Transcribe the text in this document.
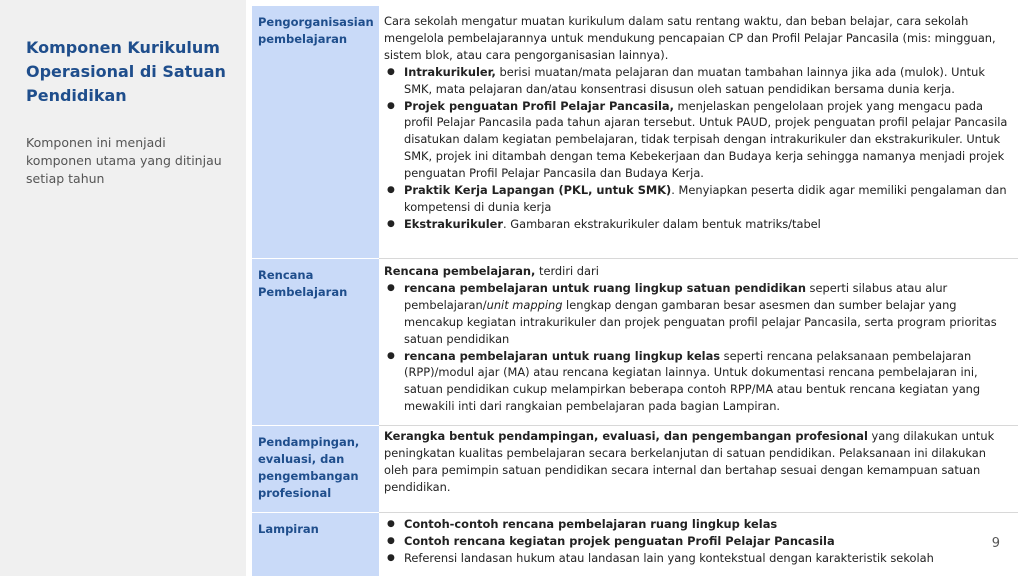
Komponen Kurikulum Operasional di Satuan Pendidikan
Komponen ini menjadi komponen utama yang ditinjau setiap tahun
Pengorganisasian pembelajaran

Cara sekolah mengatur muatan kurikulum dalam satu rentang waktu, dan beban belajar, cara sekolah mengelola pembelajarannya untuk mendukung pencapaian CP dan Profil Pelajar Pancasila (mis: mingguan, sistem blok, atau cara pengorganisasian lainnya).

● Intrakurikuler, berisi muatan/mata pelajaran dan muatan tambahan lainnya jika ada (mulok). Untuk SMK, mata pelajaran dan/atau konsentrasi disusun oleh satuan pendidikan bersama dunia kerja.
● Projek penguatan Profil Pelajar Pancasila, menjelaskan pengelolaan projek yang mengacu pada profil Pelajar Pancasila pada tahun ajaran tersebut. Untuk PAUD, projek penguatan profil pelajar Pancasila disatukan dalam kegiatan pembelajaran, tidak terpisah dengan intrakurikuler dan ekstrakurikuler. Untuk SMK, projek ini ditambah dengan tema Kebekerjaan dan Budaya kerja sehingga namanya menjadi projek penguatan Profil Pelajar Pancasila dan Budaya Kerja.
● Praktik Kerja Lapangan (PKL, untuk SMK). Menyiapkan peserta didik agar memiliki pengalaman dan kompetensi di dunia kerja
● Ekstrakurikuler. Gambaran ekstrakurikuler dalam bentuk matriks/tabel
Rencana Pembelajaran

Rencana pembelajaran, terdiri dari

● rencana pembelajaran untuk ruang lingkup satuan pendidikan seperti silabus atau alur pembelajaran/unit mapping lengkap dengan gambaran besar asesmen dan sumber belajar yang mencakup kegiatan intrakurikuler dan projek penguatan profil pelajar Pancasila, serta program prioritas satuan pendidikan
● rencana pembelajaran untuk ruang lingkup kelas seperti rencana pelaksanaan pembelajaran (RPP)/modul ajar (MA) atau rencana kegiatan lainnya. Untuk dokumentasi rencana pembelajaran ini, satuan pendidikan cukup melampirkan beberapa contoh RPP/MA atau bentuk rencana kegiatan yang mewakili inti dari rangkaian pembelajaran pada bagian Lampiran.
Pendampingan, evaluasi, dan pengembangan profesional

Kerangka bentuk pendampingan, evaluasi, dan pengembangan profesional yang dilakukan untuk peningkatan kualitas pembelajaran secara berkelanjutan di satuan pendidikan. Pelaksanaan ini dilakukan oleh para pemimpin satuan pendidikan secara internal dan bertahap sesuai dengan kemampuan satuan pendidikan.

Lampiran
●	Contoh-contoh rencana pembelajaran ruang lingkup kelas
● Contoh rencana kegiatan projek penguatan Profil Pelajar Pancasila
● Referensi landasan hukum atau landasan lain yang kontekstual dengan karakteristik sekolah
9
